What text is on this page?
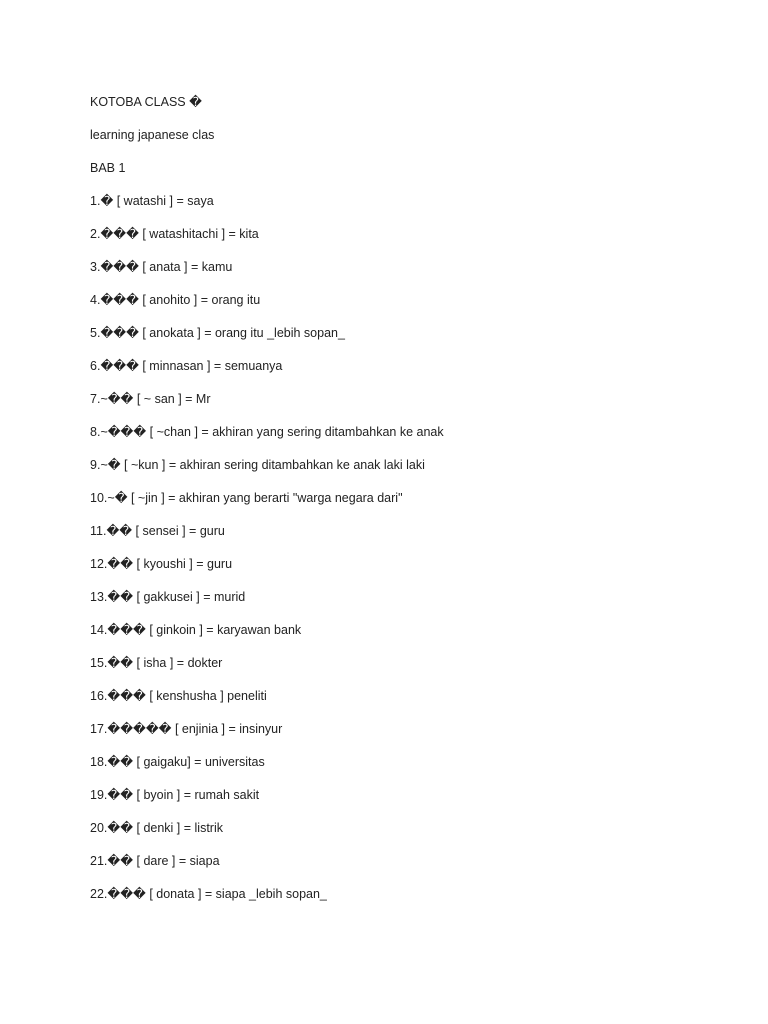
KOTOBA CLASS �
learning japanese clas
BAB 1
1.� [ watashi ] = saya
2.��� [ watashitachi ] = kita
3.��� [ anata ] = kamu
4.��� [ anohito ] = orang itu
5.��� [ anokata ] = orang itu _lebih sopan_
6.��� [ minnasan ] = semuanya
7.~�� [ ~ san ] = Mr
8.~��� [ ~chan ] = akhiran yang sering ditambahkan ke anak
9.~� [ ~kun ] = akhiran sering ditambahkan ke anak laki laki
10.~� [ ~jin ] = akhiran yang berarti "warga negara dari"
11.�� [ sensei ] = guru
12.�� [ kyoushi ] = guru
13.�� [ gakkusei ] = murid
14.��� [ ginkoin ] = karyawan bank
15.�� [ isha ] = dokter
16.��� [ kenshusha ] peneliti
17.����� [ enjinia ] = insinyur
18.�� [ gaigaku] = universitas
19.�� [ byoin ] = rumah sakit
20.�� [ denki ] = listrik
21.�� [ dare ] = siapa
22.��� [ donata ] = siapa _lebih sopan_
